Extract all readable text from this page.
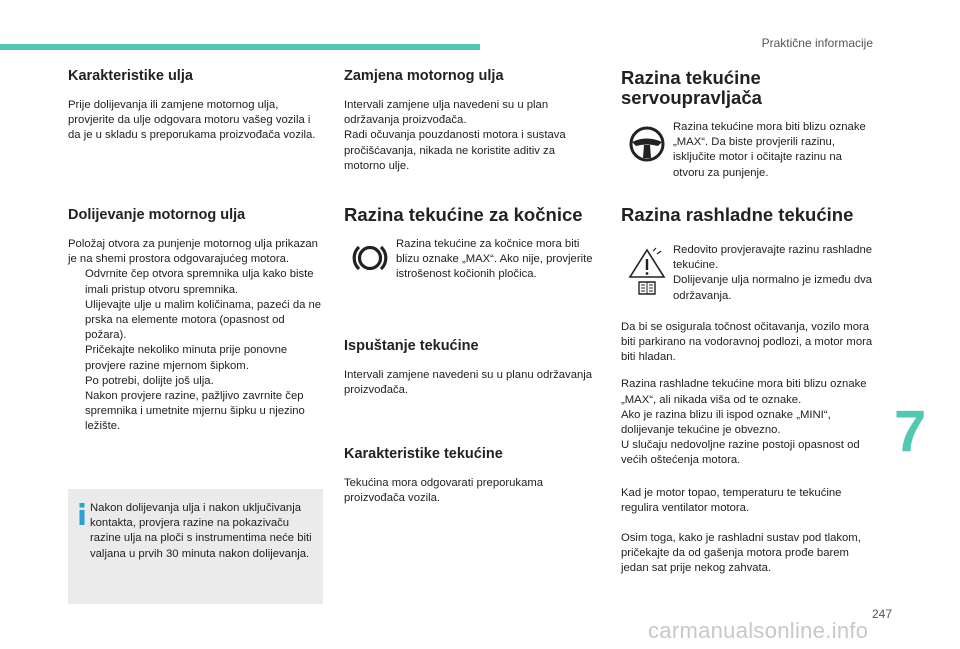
Praktične informacije
Karakteristike ulja

Prije dolijevanja ili zamjene motornog ulja, provjerite da ulje odgovara motoru vašeg vozila i da je u skladu s preporukama proizvođača vozila.

Dolijevanje motornog ulja

Položaj otvora za punjenje motornog ulja prikazan je na shemi prostora odgovarajućeg motora.

Odvrnite čep otvora spremnika ulja kako biste imali pristup otvoru spremnika.
Ulijevajte ulje u malim količinama, pazeći da ne prska na elemente motora (opasnost od požara).
Pričekajte nekoliko minuta prije ponovne provjere razine mjernom šipkom.
Po potrebi, dolijte još ulja.
Nakon provjere razine, pažljivo zavrnite čep spremnika i umetnite mjernu šipku u njezino ležište.

Nakon dolijevanja ulja i nakon uključivanja kontakta, provjera razine na pokazivaču razine ulja na ploči s instrumentima neće biti valjana u prvih 30 minuta nakon dolijevanja.

Zamjena motornog ulja

Intervali zamjene ulja navedeni su u plan održavanja proizvođača.

Radi očuvanja pouzdanosti motora i sustava pročišćavanja, nikada ne koristite aditiv za motorno ulje.

Razina tekućine za kočnice

Razina tekućine za kočnice mora biti blizu oznake „MAX“. Ako nije, provjerite istrošenost kočionih pločica.

Ispuštanje tekućine

Intervali zamjene navedeni su u planu održavanja proizvođača.

Karakteristike tekućine

Tekućina mora odgovarati preporukama proizvođača vozila.

Razina tekućine
servoupravljača

Razina tekućine mora biti blizu oznake „MAX“. Da biste provjerili razinu, isključite motor i očitajte razinu na otvoru za punjenje.

Razina rashladne tekućine

Redovito provjeravajte razinu rashladne tekućine.

Dolijevanje ulja normalno je između dva održavanja.

Da bi se osigurala točnost očitavanja, vozilo mora biti parkirano na vodoravnoj podlozi, a motor mora biti hladan.

Razina rashladne tekućine mora biti blizu oznake „MAX“, ali nikada viša od te oznake.

Ako je razina blizu ili ispod oznake „MINI“, dolijevanje tekućine je obvezno.

U slučaju nedovoljne razine postoji opasnost od većih oštećenja motora.

Kad je motor topao, temperaturu te tekućine regulira ventilator motora.

Osim toga, kako je rashladni sustav pod tlakom, pričekajte da od gašenja motora prođe barem jedan sat prije nekog zahvata.

7
247
carmanualsonline.info
